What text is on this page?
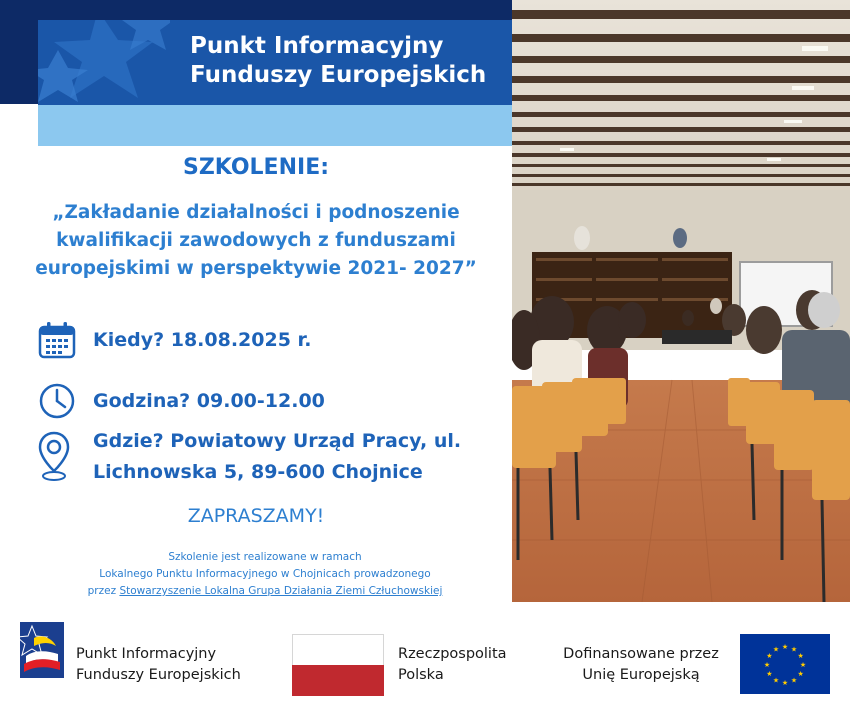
Punkt Informacyjny
Funduszy Europejskich
SZKOLENIE:
„Zakładanie działalności i podnoszenie
kwalifikacji zawodowych z funduszami
europejskimi w perspektywie 2021- 2027”
Kiedy? 18.08.2025 r.
Godzina? 09.00-12.00
Gdzie? Powiatowy Urząd Pracy, ul.
Lichnowska 5, 89-600 Chojnice
ZAPRASZAMY!
Szkolenie jest realizowane w ramach
Lokalnego Punktu Informacyjnego w Chojnicach prowadzonego
przez Stowarzyszenie Lokalna Grupa Działania Ziemi Człuchowskiej
Punkt Informacyjny
Funduszy Europejskich
Rzeczpospolita
Polska
Dofinansowane przez
Unię Europejską
★ ★
★
★
★
★
★
★
★
★
★
★
